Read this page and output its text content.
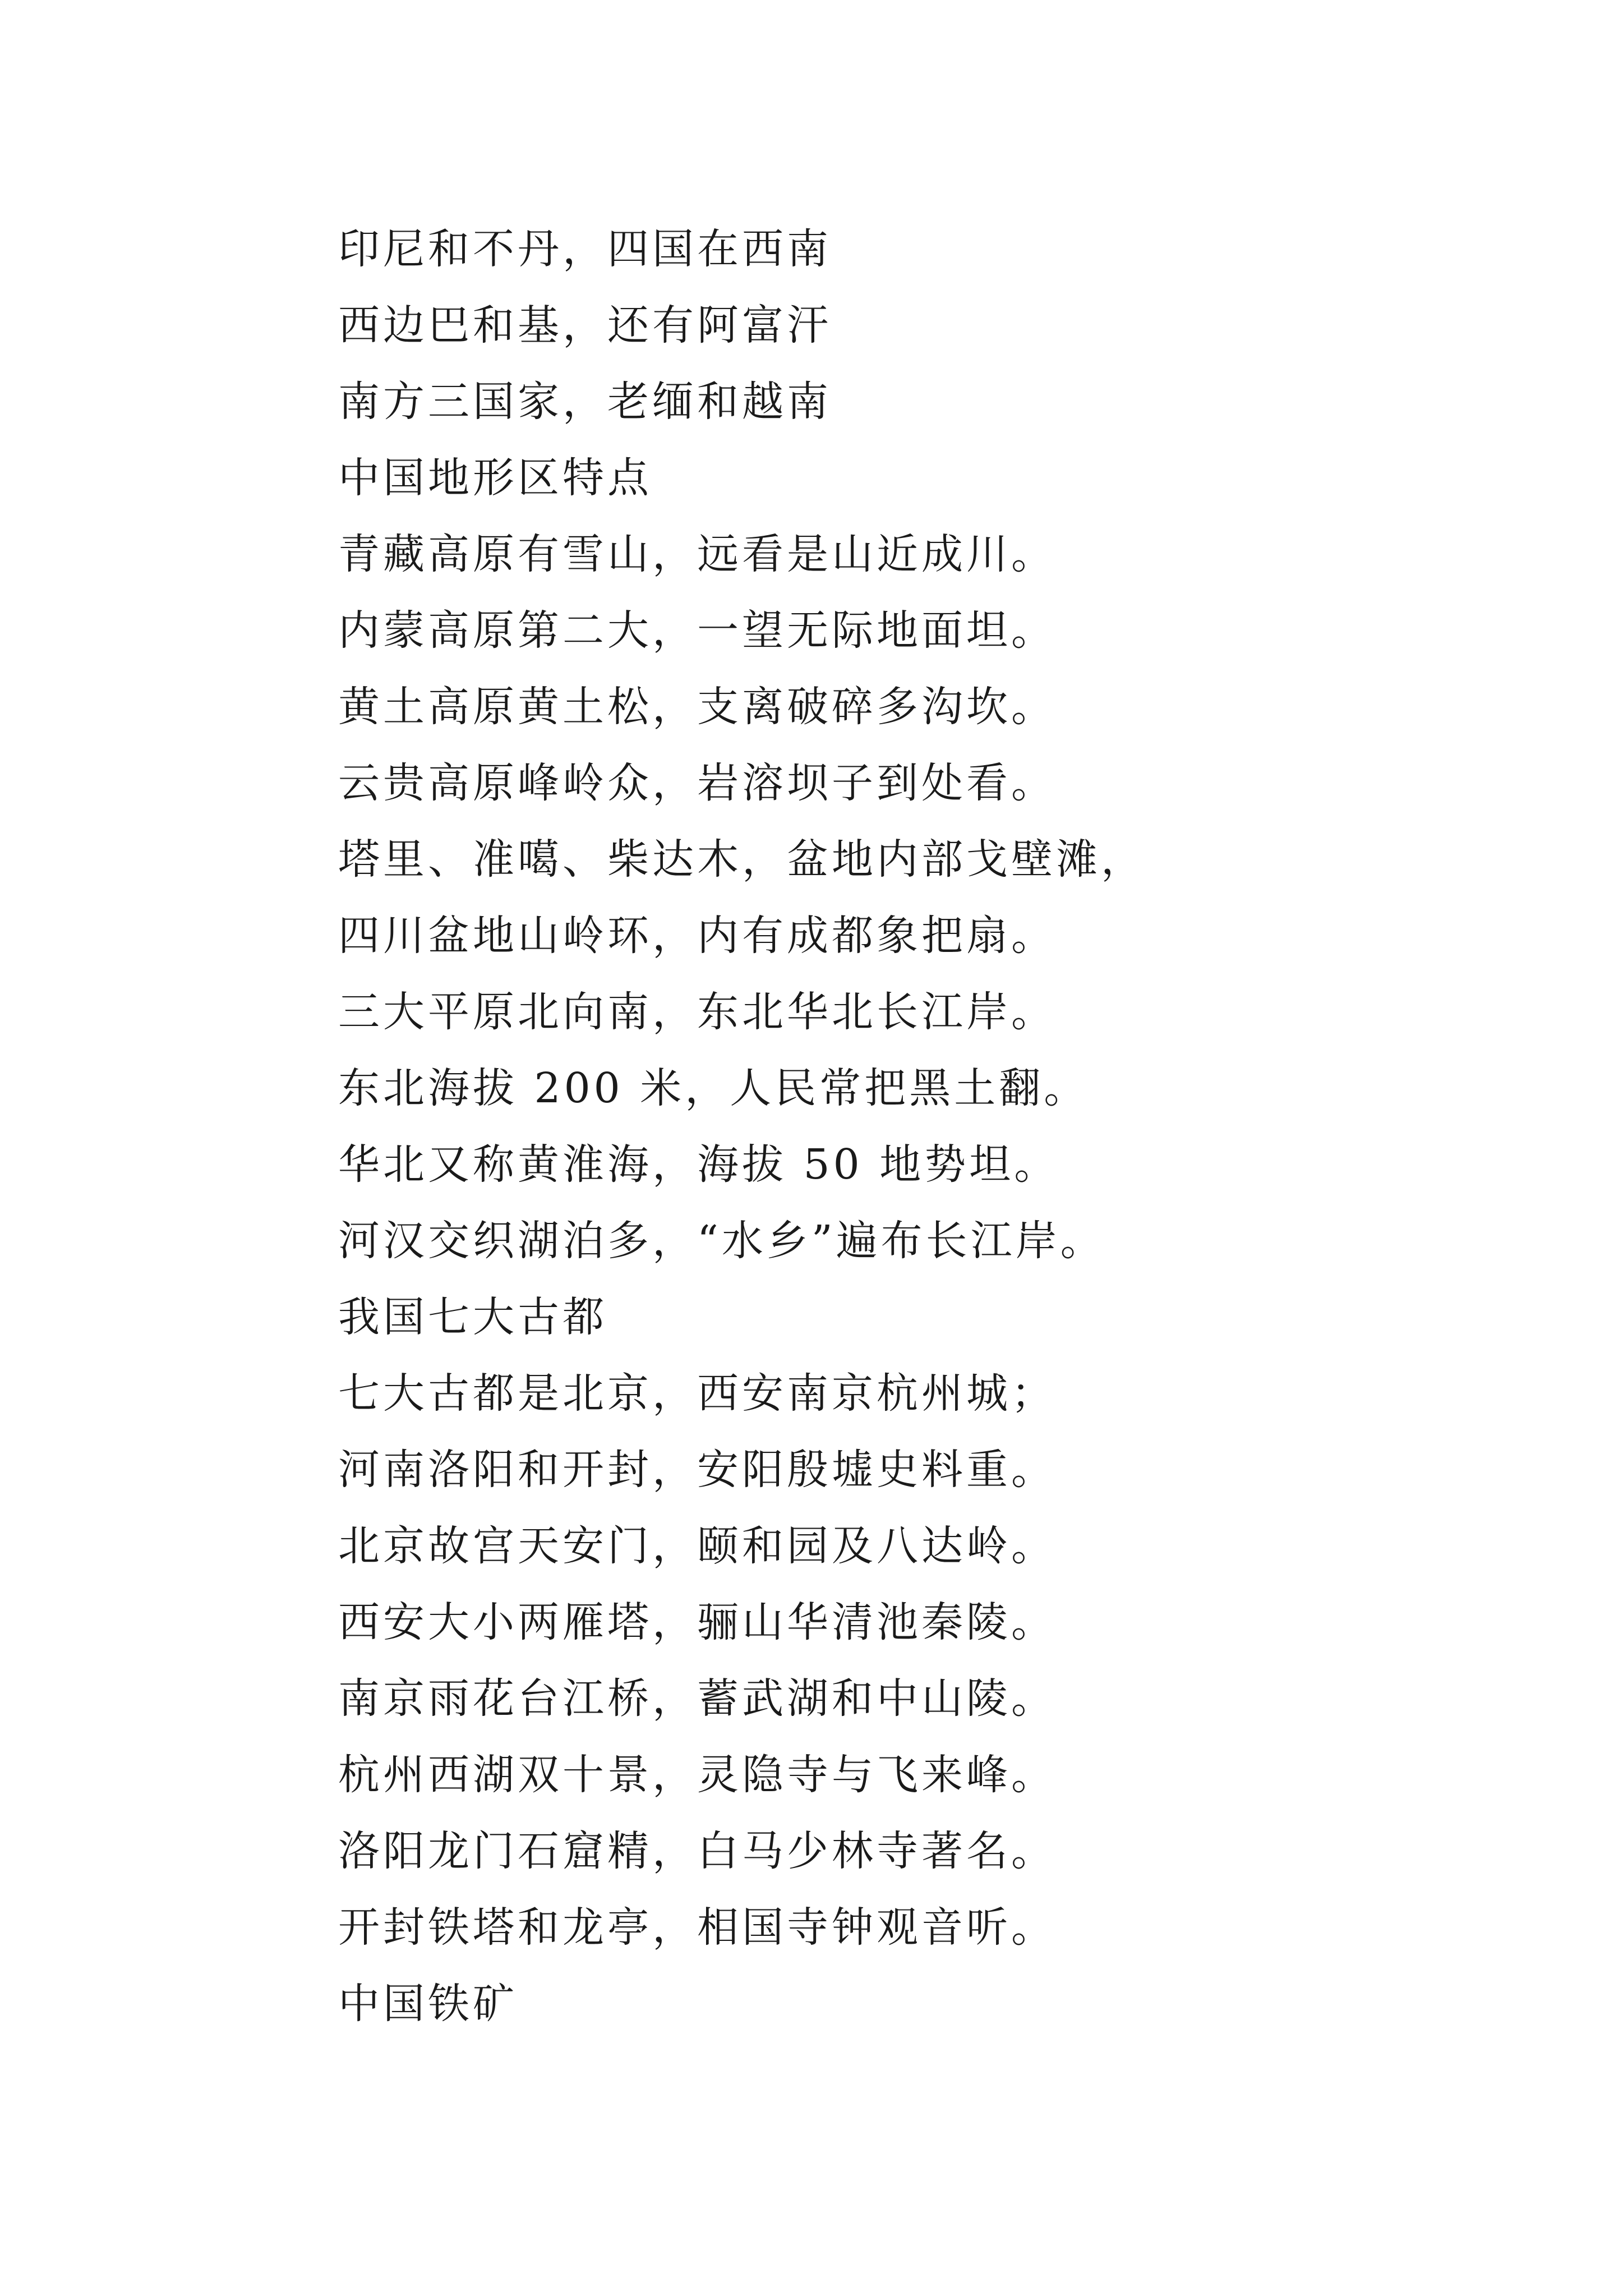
印尼和不丹，四国在西南
西边巴和基，还有阿富汗
南方三国家，老缅和越南
中国地形区特点
青藏高原有雪山，远看是山近成川。
内蒙高原第二大，一望无际地面坦。
黄土高原黄土松，支离破碎多沟坎。
云贵高原峰岭众，岩溶坝子到处看。
塔里、准噶、柴达木，盆地内部戈壁滩，
四川盆地山岭环，内有成都象把扇。
三大平原北向南，东北华北长江岸。
东北海拔 200 米，人民常把黑土翻。
华北又称黄淮海，海拔 50 地势坦。
河汉交织湖泊多，“水乡”遍布长江岸。
我国七大古都
七大古都是北京，西安南京杭州城；
河南洛阳和开封，安阳殷墟史料重。
北京故宫天安门，颐和园及八达岭。
西安大小两雁塔，骊山华清池秦陵。
南京雨花台江桥，蓄武湖和中山陵。
杭州西湖双十景，灵隐寺与飞来峰。
洛阳龙门石窟精，白马少林寺著名。
开封铁塔和龙亭，相国寺钟观音听。
中国铁矿
